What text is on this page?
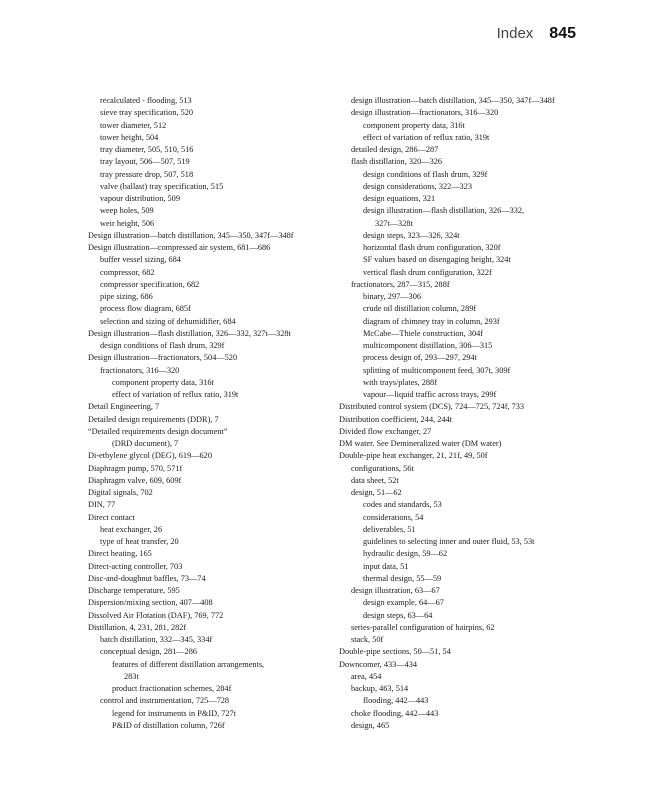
Index 845
recalculated - flooding, 513
sieve tray specification, 520
tower diameter, 512
tower height, 504
tray diameter, 505, 510, 516
tray layout, 506—507, 519
tray pressure drop, 507, 518
valve (ballast) tray specification, 515
vapour distribution, 509
weep holes, 509
weir height, 506
Design illustration—batch distillation, 345—350, 347f—348f
Design illustration—compressed air system, 681—686
buffer vessel sizing, 684
compressor, 682
compressor specification, 682
pipe sizing, 686
process flow diagram, 685f
selection and sizing of dehumidifier, 684
Design illustration—flash distillation, 326—332, 327t—328t
design conditions of flash drum, 329f
Design illustration—fractionators, 504—520
fractionators, 316—320
component property data, 316t
effect of variation of reflux ratio, 319t
Detail Engineering, 7
Detailed design requirements (DDR), 7
“Detailed requirements design document”
(DRD document), 7
Di-ethylene glycol (DEG), 619—620
Diaphragm pump, 570, 571f
Diaphragm valve, 609, 609f
Digital signals, 702
DIN, 77
Direct contact
heat exchanger, 26
type of heat transfer, 20
Direct heating, 165
Direct-acting controller, 703
Disc-and-doughnut baffles, 73—74
Discharge temperature, 595
Dispersion/mixing section, 407—408
Dissolved Air Flotation (DAF), 769, 772
Distillation, 4, 231, 281, 282f
batch distillation, 332—345, 334f
conceptual design, 281—286
features of different distillation arrangements,
283t
product fractionation schemes, 284f
control and instrumentation, 725—728
legend for instruments in P&ID, 727t
P&ID of distillation column, 726f
design illustration—batch distillation, 345—350, 347f—348f
design illustration—fractionators, 316—320
component property data, 316t
effect of variation of reflux ratio, 319t
detailed design, 286—287
flash distillation, 320—326
design conditions of flash drum, 329f
design considerations, 322—323
design equations, 321
design illustration—flash distillation, 326—332,
327t—328t
design steps, 323—326, 324t
horizontal flash drum configuration, 320f
SF values based on disengaging height, 324t
vertical flash drum configuration, 322f
fractionators, 287—315, 288f
binary, 297—306
crude oil distillation column, 289f
diagram of chimney tray in column, 293f
McCabe—Thiele construction, 304f
multicomponent distillation, 306—315
process design of, 293—297, 294t
splitting of multicomponent feed, 307t, 309f
with trays/plates, 288f
vapour—liquid traffic across trays, 299f
Distributed control system (DCS), 724—725, 724f, 733
Distribution coefficient, 244, 244t
Divided flow exchanger, 27
DM water. See Demineralized water (DM water)
Double-pipe heat exchanger, 21, 21f, 49, 50f
configurations, 56t
data sheet, 52t
design, 51—62
codes and standards, 53
considerations, 54
deliverables, 51
guidelines to selecting inner and outer fluid, 53, 53t
hydraulic design, 59—62
input data, 51
thermal design, 55—59
design illustration, 63—67
design example, 64—67
design steps, 63—64
series-parallel configuration of hairpins, 62
stack, 50f
Double-pipe sections, 50—51, 54
Downcomer, 433—434
area, 454
backup, 463, 514
flooding, 442—443
choke flooding, 442—443
design, 465
